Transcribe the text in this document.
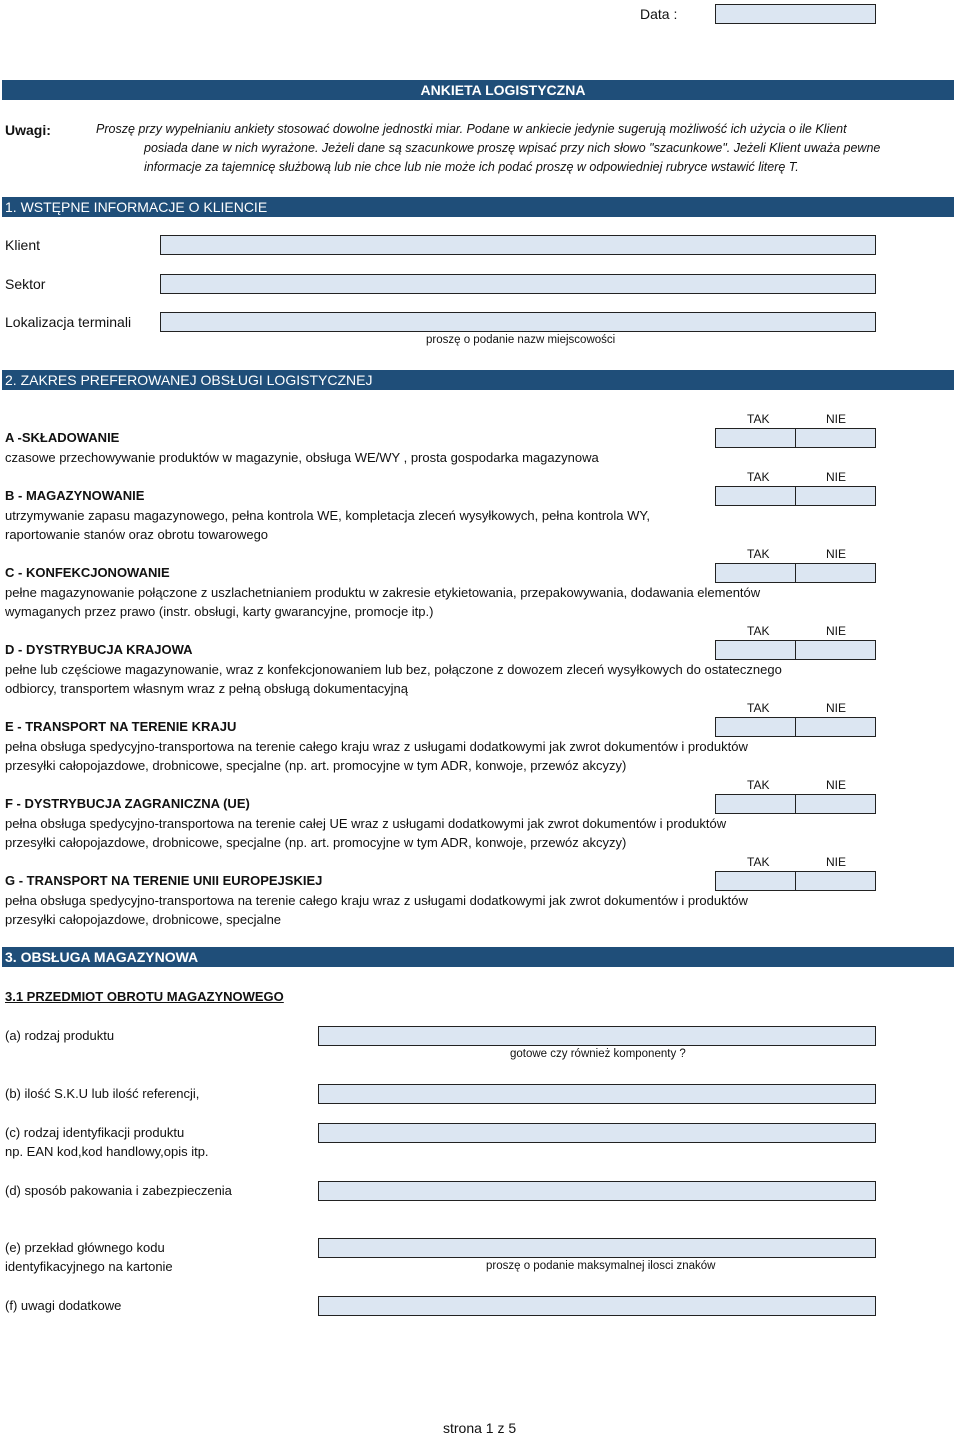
Data :
ANKIETA LOGISTYCZNA
Uwagi:	Proszę przy wypełnianiu ankiety stosować dowolne jednostki miar. Podane w ankiecie jedynie sugerują możliwość ich użycia o ile Klient
posiada dane w nich wyrażone. Jeżeli dane są szacunkowe proszę wpisać przy nich słowo "szacunkowe". Jeżeli Klient uważa pewne
informacje za tajemnicę służbową lub nie chce lub nie może ich podać proszę w odpowiedniej rubryce wstawić literę T.
1. WSTĘPNE INFORMACJE O KLIENCIE
Klient
Sektor
Lokalizacja terminali
proszę o podanie nazw miejscowości
2. ZAKRES PREFEROWANEJ OBSŁUGI LOGISTYCZNEJ
TAK	NIE
A -SKŁADOWANIE
czasowe przechowywanie produktów w magazynie, obsługa WE/WY , prosta gospodarka magazynowa
TAK	NIE
B - MAGAZYNOWANIE
utrzymywanie zapasu magazynowego, pełna kontrola WE, kompletacja zleceń wysyłkowych, pełna kontrola WY,
raportowanie stanów oraz obrotu towarowego
TAK	NIE
C - KONFEKCJONOWANIE
pełne magazynowanie połączone z uszlachetnianiem produktu w zakresie etykietowania, przepakowywania, dodawania elementów
wymaganych przez prawo (instr. obsługi, karty gwarancyjne, promocje itp.)
TAK	NIE
D - DYSTRYBUCJA KRAJOWA
pełne lub częściowe magazynowanie, wraz z konfekcjonowaniem lub bez, połączone z dowozem zleceń wysyłkowych do ostatecznego
odbiorcy, transportem własnym wraz z pełną obsługą dokumentacyjną
TAK	NIE
E - TRANSPORT NA TERENIE KRAJU
pełna obsługa spedycyjno-transportowa na terenie całego kraju wraz z usługami dodatkowymi jak zwrot dokumentów i produktów
przesyłki całopojazdowe, drobnicowe, specjalne (np. art. promocyjne w tym ADR, konwoje, przewóz akcyzy)
TAK	NIE
F - DYSTRYBUCJA ZAGRANICZNA (UE)
pełna obsługa spedycyjno-transportowa na terenie całej UE wraz z usługami dodatkowymi jak zwrot dokumentów i produktów
przesyłki całopojazdowe, drobnicowe, specjalne (np. art. promocyjne w tym ADR, konwoje, przewóz akcyzy)
TAK	NIE
G - TRANSPORT NA TERENIE UNII EUROPEJSKIEJ
pełna obsługa spedycyjno-transportowa na terenie całego kraju wraz z usługami dodatkowymi jak zwrot dokumentów i produktów
przesyłki całopojazdowe, drobnicowe, specjalne
3. OBSŁUGA MAGAZYNOWA
3.1 PRZEDMIOT OBROTU MAGAZYNOWEGO
(a) rodzaj produktu
gotowe czy również komponenty ?
(b) ilość S.K.U lub ilość referencji,
(c) rodzaj identyfikacji produktu
np. EAN kod,kod handlowy,opis itp.
(d) sposób pakowania i zabezpieczenia
(e) przekład głównego kodu
identyfikacyjnego na kartonie	proszę o podanie maksymalnej ilosci znaków
(f) uwagi dodatkowe
strona 1 z 5
